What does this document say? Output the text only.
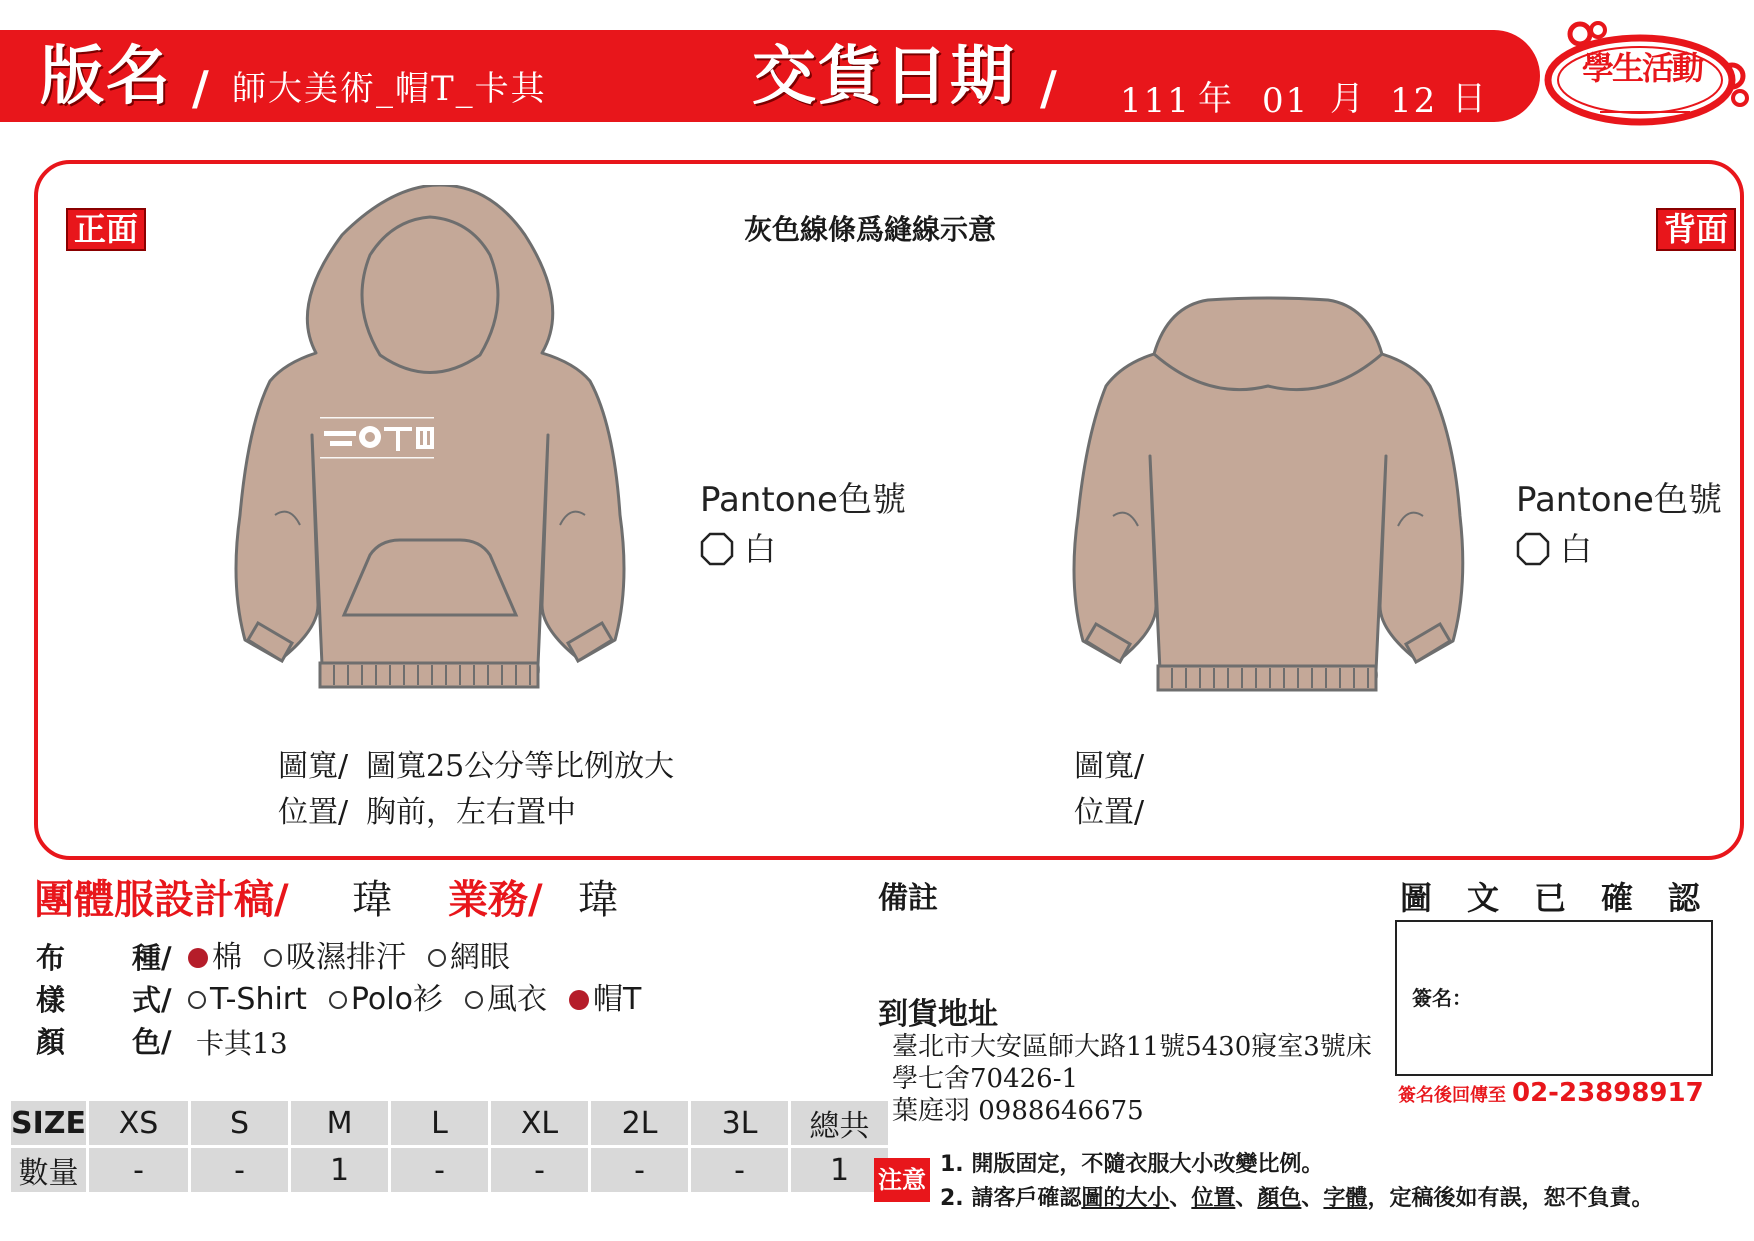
版名 / 師大美術_帽T_卡其	交貨日期 / 111 年 01 月 12 日
學生活動
正面	背面
灰色線條爲縫線示意
Pantone色號
白
Pantone色號
白
圖寬/ 圖寬25公分等比例放大
位置/ 胸前，左右置中
圖寬/
位置/
團體服設計稿/ 瑋 業務/ 瑋
布 種/ 棉 吸濕排汗 網眼
樣 式/ T-Shirt Polo衫 風衣 帽T
顏 色/ 卡其13
SIZE	XS	S	M	L	XL	2L	3L	總共
數量	-	-	1	-	-	-	-	1
備註
到貨地址
臺北市大安區師大路11號5430寢室3號床
學七舍70426-1
葉庭羽 0988646675
圖 文 已 確 認
簽名：
簽名後回傳至 02-23898917
注意
1. 開版固定，不隨衣服大小改變比例。
2. 請客戶確認圖的大小、位置、顏色、字體，定稿後如有誤，恕不負責。
